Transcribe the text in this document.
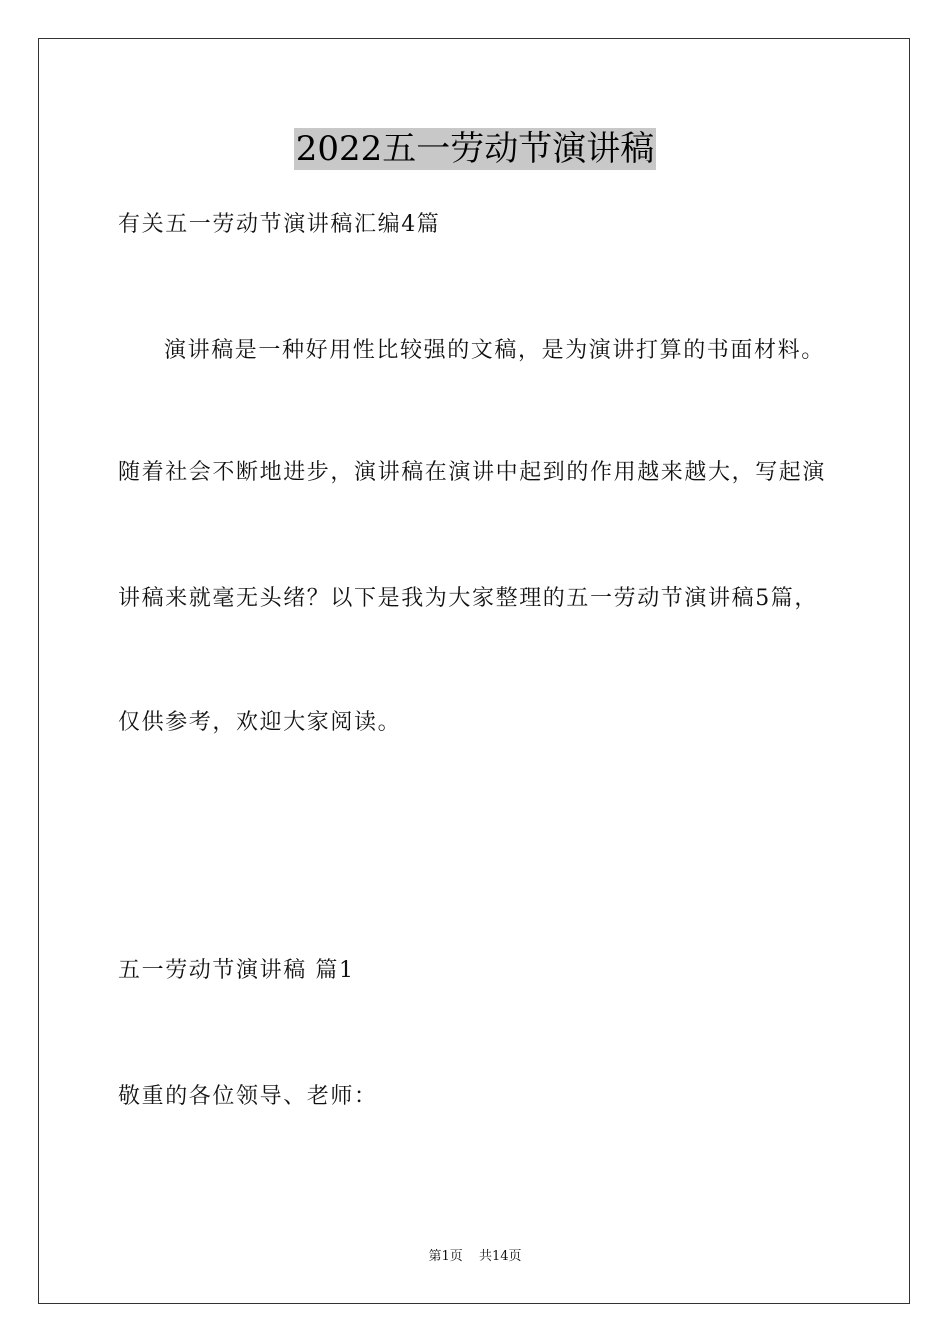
2022五一劳动节演讲稿
有关五一劳动节演讲稿汇编4篇
演讲稿是一种好用性比较强的文稿，是为演讲打算的书面材料。
随着社会不断地进步，演讲稿在演讲中起到的作用越来越大，写起演
讲稿来就毫无头绪？以下是我为大家整理的五一劳动节演讲稿5篇，
仅供参考，欢迎大家阅读。
五一劳动节演讲稿 篇1
敬重的各位领导、老师：
第1页 共14页
